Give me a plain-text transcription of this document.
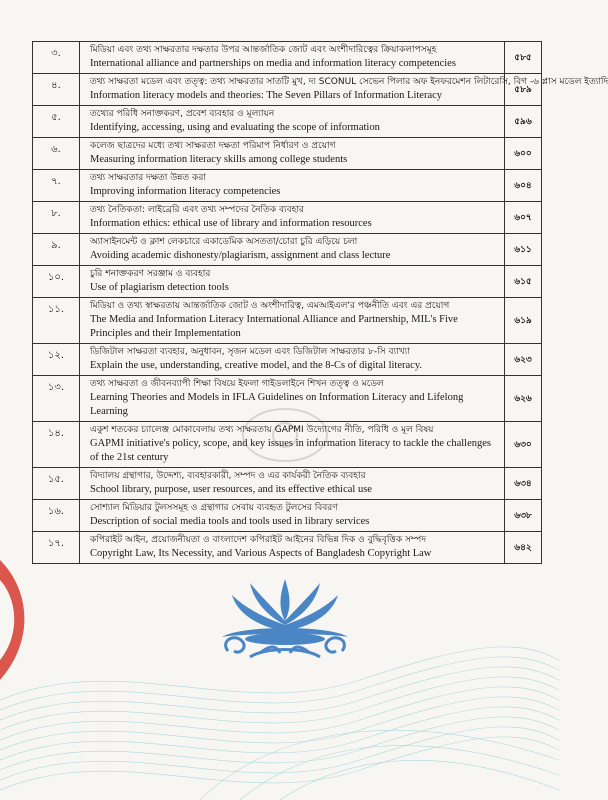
৩.	মিডিয়া এবং তথ্য সাক্ষরতার দক্ষতার উপর আন্তর্জাতিক জোট এবং অংশীদারিত্বের ক্রিয়াকলাপসমূহ
International alliance and partnerships on media and information literacy competencies	৫৮৫
৪.	তথ্য সাক্ষরতা মডেল এবং তত্ত্ব: তথ্য সাক্ষরতার সাতটি মুখ, দ্য SCONUL সেভেন পিলার অফ ইনফরমেশন লিটারেসি, বিগ -৬ প্লাস মডেল ইত্যাদি
Information literacy models and theories: The Seven Pillars of Information Literacy	৫৮৯
৫.	তথ্যের পরিধি সনাক্তকরণ, প্রবেশ ব্যবহার ও মূল্যায়ন
Identifying, accessing, using and evaluating the scope of information	৫৯৬
৬.	কলেজ ছাত্রদের মধ্যে তথ্য সাক্ষরতা দক্ষতা পরিমাপ নির্ধারণ ও প্রয়োগ
Measuring information literacy skills among college students	৬০০
৭.	তথ্য সাক্ষরতার দক্ষতা উন্নত করা
Improving information literacy competencies	৬০৪
৮.	তথ্য নৈতিকতা: লাইব্রেরি এবং তথ্য সম্পদের নৈতিক ব্যবহার
Information ethics: ethical use of library and information resources	৬০৭
৯.	অ্যাসাইনমেন্ট ও ক্লাশ লেকচারে একাডেমিক অসততা/চোরা চুরি এড়িয়ে চলা
Avoiding academic dishonesty/plagiarism, assignment and class lecture	৬১১
১০.	চুরি শনাক্তকরণ সরঞ্জাম ও ব্যবহার
Use of plagiarism detection tools	৬১৫
১১.	মিডিয়া ও তথ্য স্বাক্ষরতায় আন্তর্জাতিক জোট ও অংশীদারিত্ব, এমআইএল'র পঞ্চনীতি এবং এর প্রয়োগ
The Media and Information Literacy International Alliance and Partnership, MIL's Five Principles and their Implementation	৬১৯
১২.	ডিজিটাল সাক্ষরতা ব্যবহার, অনুধাবন, সৃজন মডেল এবং ডিজিটাল সাক্ষরতার ৮-সি ব্যাখ্যা
Explain the use, understanding, creative model, and the 8-Cs of digital literacy.	৬২৩
১৩.	তথ্য সাক্ষরতা ও জীবনব্যাপী শিক্ষা বিষয়ে ইফলা গাইডলাইনে শিখন তত্ত্ব ও মডেল
Learning Theories and Models in IFLA Guidelines on Information Literacy and Lifelong Learning	৬২৬
১৪.	একুশ শতকের চ্যালেঞ্জ মোকাবেলায় তথ্য সাক্ষরতায় GAPMI উদ্যোগের নীতি, পরিধি ও মূল বিষয়
GAPMI initiative's policy, scope, and key issues in information literacy to tackle the challenges of the 21st century	৬৩০
১৫.	বিদ্যালয় গ্রন্থাগার, উদ্দেশ্য, ব্যবহারকারী, সম্পদ ও এর কার্যকরী নৈতিক ব্যবহার
School library, purpose, user resources, and its effective ethical use	৬৩৪
১৬.	সোশ্যাল মিডিয়ার টুলসসমূহ ও গ্রন্থাগার সেবায় ব্যবহৃত টুলসের বিবরণ
Description of social media tools and tools used in library services	৬৩৮
১৭.	কপিরাইট আইন, প্রয়োজনীয়তা ও বাংলাদেশ কপিরাইট আইনের বিভিন্ন দিক ও বুদ্ধিবৃত্তিক সম্পদ
Copyright Law, Its Necessity, and Various Aspects of Bangladesh Copyright Law	৬৪২
